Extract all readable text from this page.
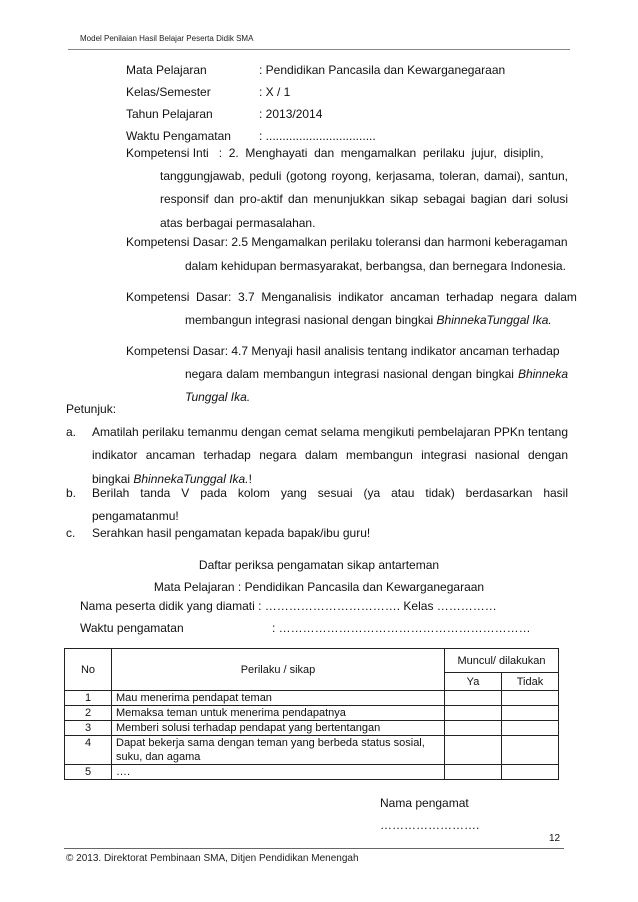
Model Penilaian Hasil Belajar Peserta Didik SMA
Mata Pelajaran	: Pendidikan Pancasila dan Kewarganegaraan
Kelas/Semester	: X / 1
Tahun Pelajaran	: 2013/2014
Waktu Pengamatan : .................................
Kompetensi Inti   :  2.  Menghayati  dan  mengamalkan  perilaku  jujur,  disiplin,
tanggungjawab, peduli (gotong royong, kerjasama, toleran, damai), santun, responsif dan pro-aktif dan menunjukkan sikap sebagai bagian dari solusi atas berbagai permasalahan.
Kompetensi Dasar: 2.5 Mengamalkan perilaku toleransi dan harmoni keberagaman
dalam kehidupan bermasyarakat, berbangsa, dan bernegara Indonesia.
Kompetensi  Dasar:  3.7  Menganalisis  indikator  ancaman  terhadap  negara  dalam
membangun integrasi nasional dengan bingkai BhinnekaTunggal Ika.
Kompetensi Dasar: 4.7 Menyaji hasil analisis tentang indikator ancaman terhadap
negara dalam membangun integrasi nasional dengan bingkai Bhinneka Tunggal Ika.
Petunjuk:
a. Amatilah perilaku temanmu dengan cemat selama mengikuti pembelajaran PPKn tentang indikator ancaman terhadap negara dalam membangun integrasi nasional dengan bingkai BhinnekaTunggal Ika.!
b. Berilah tanda V pada kolom yang sesuai (ya atau tidak) berdasarkan hasil pengamatanmu!
c. Serahkan hasil pengamatan kepada bapak/ibu guru!
Daftar periksa pengamatan sikap antarteman
Mata Pelajaran : Pendidikan Pancasila dan Kewarganegaraan
Nama peserta didik yang diamati : ……………………………. Kelas ……………
Waktu pengamatan	: ………………………………………………………
No	Perilaku / sikap	Muncul/ dilakukan	
		Ya	Tidak
1	Mau menerima pendapat teman		
2	Memaksa teman untuk menerima pendapatnya		
3	Memberi solusi terhadap pendapat yang bertentangan		
4	Dapat bekerja sama dengan teman yang berbeda status sosial, suku, dan agama		
5	….		
Nama pengamat
…………………….
12
© 2013. Direktorat Pembinaan SMA, Ditjen Pendidikan Menengah
